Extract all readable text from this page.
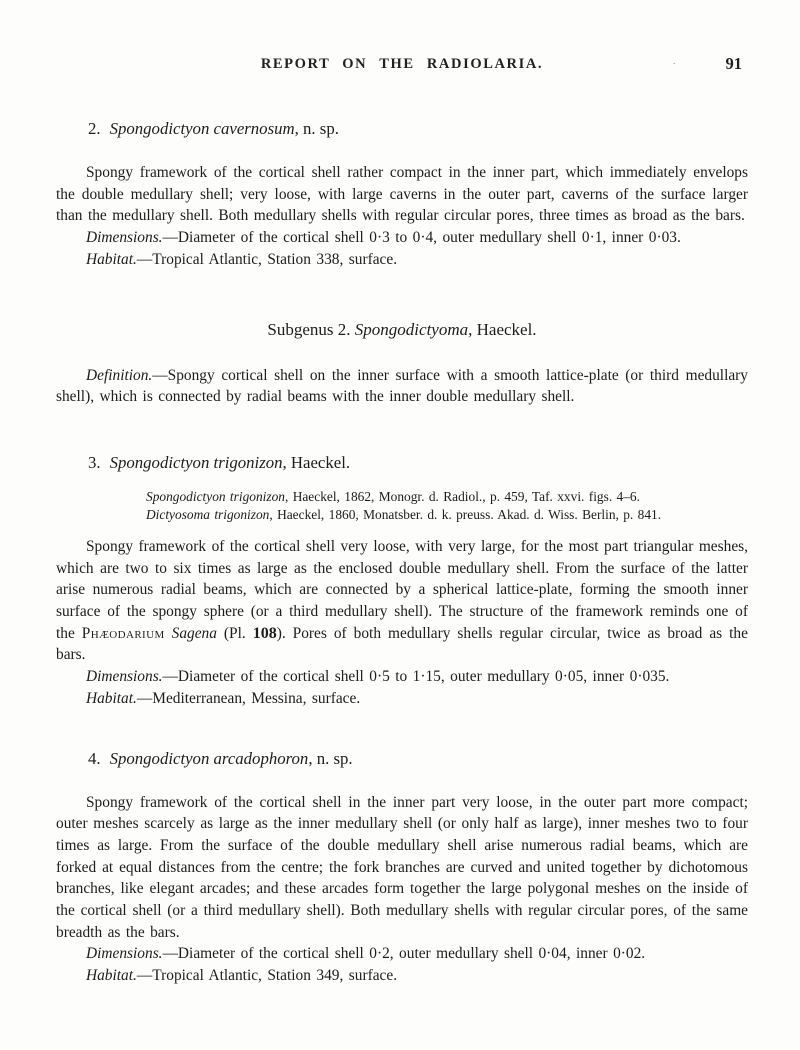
REPORT ON THE RADIOLARIA.	·	91
2. Spongodictyon cavernosum, n. sp.

Spongy framework of the cortical shell rather compact in the inner part, which immediately envelops the double medullary shell; very loose, with large caverns in the outer part, caverns of the surface larger than the medullary shell. Both medullary shells with regular circular pores, three times as broad as the bars.

Dimensions.—Diameter of the cortical shell 0·3 to 0·4, outer medullary shell 0·1, inner 0·03.

Habitat.—Tropical Atlantic, Station 338, surface.

Subgenus 2. Spongodictyoma, Haeckel.

Definition.—Spongy cortical shell on the inner surface with a smooth lattice-plate (or third medullary shell), which is connected by radial beams with the inner double medullary shell.

3. Spongodictyon trigonizon, Haeckel.

Spongodictyon trigonizon, Haeckel, 1862, Monogr. d. Radiol., p. 459, Taf. xxvi. figs. 4–6.

Dictyosoma trigonizon, Haeckel, 1860, Monatsber. d. k. preuss. Akad. d. Wiss. Berlin, p. 841.

Spongy framework of the cortical shell very loose, with very large, for the most part triangular meshes, which are two to six times as large as the enclosed double medullary shell. From the surface of the latter arise numerous radial beams, which are connected by a spherical lattice-plate, forming the smooth inner surface of the spongy sphere (or a third medullary shell). The structure of the framework reminds one of the Phæodarium Sagena (Pl. 108). Pores of both medullary shells regular circular, twice as broad as the bars.

Dimensions.—Diameter of the cortical shell 0·5 to 1·15, outer medullary 0·05, inner 0·035.

Habitat.—Mediterranean, Messina, surface.

4. Spongodictyon arcadophoron, n. sp.

Spongy framework of the cortical shell in the inner part very loose, in the outer part more compact; outer meshes scarcely as large as the inner medullary shell (or only half as large), inner meshes two to four times as large. From the surface of the double medullary shell arise numerous radial beams, which are forked at equal distances from the centre; the fork branches are curved and united together by dichotomous branches, like elegant arcades; and these arcades form together the large polygonal meshes on the inside of the cortical shell (or a third medullary shell). Both medullary shells with regular circular pores, of the same breadth as the bars.

Dimensions.—Diameter of the cortical shell 0·2, outer medullary shell 0·04, inner 0·02.

Habitat.—Tropical Atlantic, Station 349, surface.
